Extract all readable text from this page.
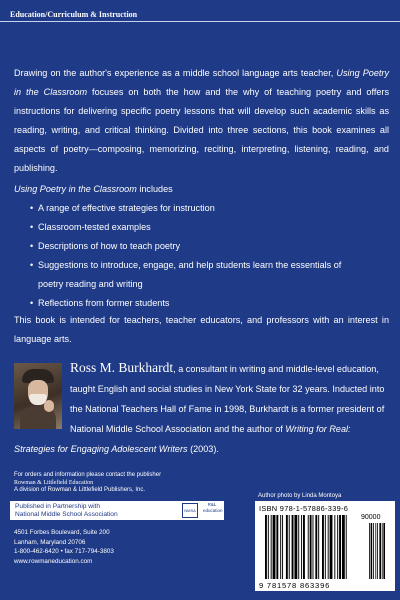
Education/Curriculum & Instruction

Drawing on the author's experience as a middle school language arts teacher, Using Poetry in the Classroom focuses on both the how and the why of teaching poetry and offers instructions for delivering specific poetry lessons that will develop such academic skills as reading, writing, and critical thinking. Divided into three sections, this book examines all aspects of poetry—composing, memorizing, reciting, interpreting, listening, reading, and publishing.

Using Poetry in the Classroom includes

• A range of effective strategies for instruction
• Classroom-tested examples
• Descriptions of how to teach poetry
• Suggestions to introduce, engage, and help students learn the essentials of poetry reading and writing
• Reflections from former students

This book is intended for teachers, teacher educators, and professors with an interest in language arts.

Ross M. Burkhardt, a consultant in writing and middle-level education, taught English and social studies in New York State for 32 years. Inducted into the National Teachers Hall of Fame in 1998, Burkhardt is a former president of National Middle School Association and the author of Writing for Real: Strategies for Engaging Adolescent Writers (2003).
For orders and information please contact the publisher
Rowman & Littlefield Education
A division of Rowman & Littlefield Publishers, Inc.
Author photo by Linda Montoya
Published in Partnership with
National Middle School Association
NMSA
R&L education
4501 Forbes Boulevard, Suite 200
Lanham, Maryland 20706
1-800-462-6420 • fax 717-794-3803
www.rowmaneducation.com
ISBN 978-1-57886-339-6
90000
9 781578 863396
